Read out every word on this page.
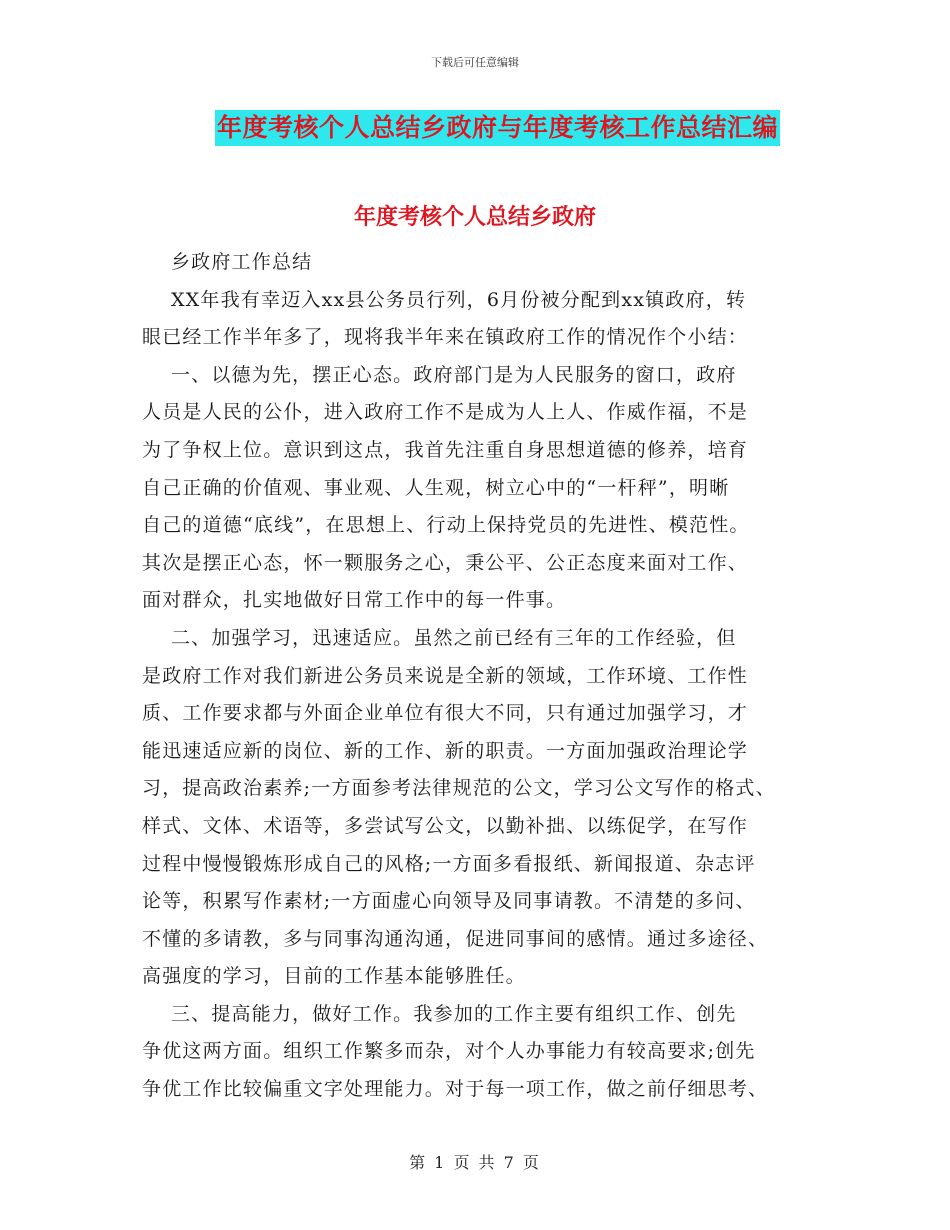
下载后可任意编辑
年度考核个人总结乡政府与年度考核工作总结汇编
年度考核个人总结乡政府

乡政府工作总结

XX年我有幸迈入xx县公务员行列，6月份被分配到xx镇政府，转

眼已经工作半年多了，现将我半年来在镇政府工作的情况作个小结：

一、以德为先，摆正心态。政府部门是为人民服务的窗口，政府

人员是人民的公仆，进入政府工作不是成为人上人、作威作福，不是

为了争权上位。意识到这点，我首先注重自身思想道德的修养，培育

自己正确的价值观、事业观、人生观，树立心中的“一杆秤”，明晰

自己的道德“底线”，在思想上、行动上保持党员的先进性、模范性。

其次是摆正心态，怀一颗服务之心，秉公平、公正态度来面对工作、

面对群众，扎实地做好日常工作中的每一件事。

二、加强学习，迅速适应。虽然之前已经有三年的工作经验，但

是政府工作对我们新进公务员来说是全新的领域，工作环境、工作性

质、工作要求都与外面企业单位有很大不同，只有通过加强学习，才

能迅速适应新的岗位、新的工作、新的职责。一方面加强政治理论学

习，提高政治素养;一方面参考法律规范的公文，学习公文写作的格式、

样式、文体、术语等，多尝试写公文，以勤补拙、以练促学，在写作

过程中慢慢锻炼形成自己的风格;一方面多看报纸、新闻报道、杂志评

论等，积累写作素材;一方面虚心向领导及同事请教。不清楚的多问、

不懂的多请教，多与同事沟通沟通，促进同事间的感情。通过多途径、

高强度的学习，目前的工作基本能够胜任。

三、提高能力，做好工作。我参加的工作主要有组织工作、创先

争优这两方面。组织工作繁多而杂，对个人办事能力有较高要求;创先

争优工作比较偏重文字处理能力。对于每一项工作，做之前仔细思考、

第 1 页 共 7 页
